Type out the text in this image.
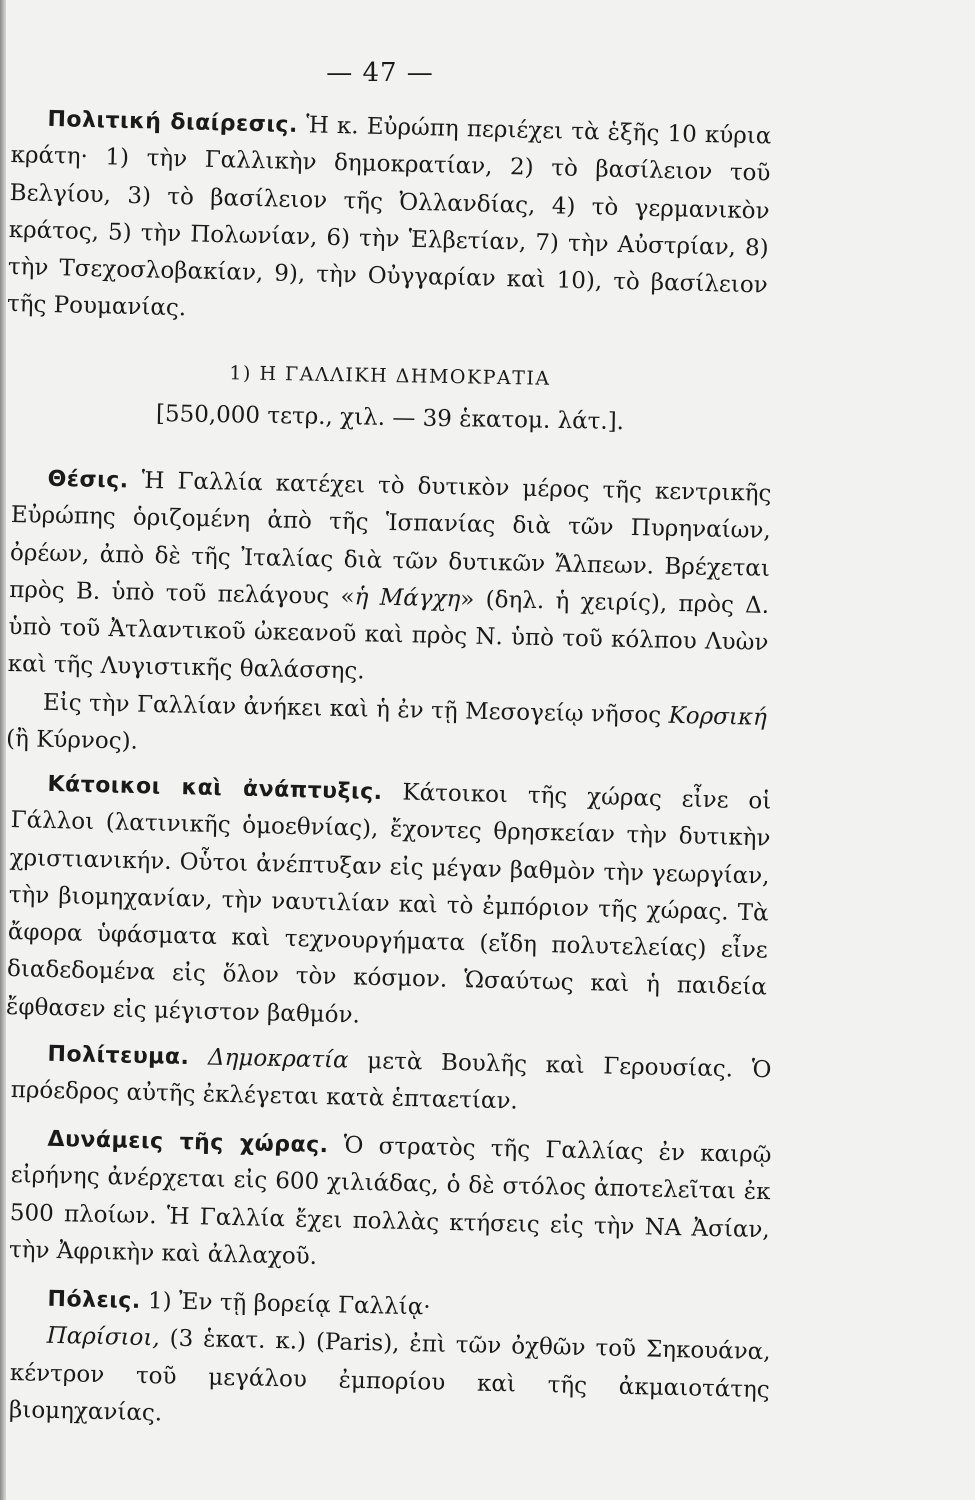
— 47 —

Πολιτική διαίρεσις. Ἡ κ. Εὐρώπη περιέχει τὰ ἑξῆς 10 κύρια κράτη· 1) τὴν Γαλλικὴν δημοκρατίαν, 2) τὸ βασίλειον τοῦ Βελγίου, 3) τὸ βασίλειον τῆς Ὀλλανδίας, 4) τὸ γερμανικὸν κράτος, 5) τὴν Πολωνίαν, 6) τὴν Ἑλβετίαν, 7) τὴν Αὐστρίαν, 8) τὴν Τσεχοσλοβακίαν, 9), τὴν Οὐγγαρίαν καὶ 10), τὸ βασίλειον τῆς Ρουμανίας.

1) Η ΓΑΛΛΙΚΗ ΔΗΜΟΚΡΑΤΙΑ
[550,000 τετρ., χιλ. — 39 ἑκατομ. λάτ.].

Θέσις. Ἡ Γαλλία κατέχει τὸ δυτικὸν μέρος τῆς κεντρικῆς Εὐρώπης ὁριζομένη ἀπὸ τῆς Ἱσπανίας διὰ τῶν Πυρηναίων, ὀρέων, ἀπὸ δὲ τῆς Ἰταλίας διὰ τῶν δυτικῶν Ἄλπεων. Βρέχεται πρὸς Β. ὑπὸ τοῦ πελάγους «ἡ Μάγχη» (δηλ. ἡ χειρίς), πρὸς Δ. ὑπὸ τοῦ Ἀτλαντικοῦ ὠκεανοῦ καὶ πρὸς Ν. ὑπὸ τοῦ κόλπου Λυὼν καὶ τῆς Λυγιστικῆς θαλάσσης.

Εἰς τὴν Γαλλίαν ἀνήκει καὶ ἡ ἐν τῇ Μεσογείῳ νῆσος Κορσική (ἢ Κύρνος).

Κάτοικοι καὶ ἀνάπτυξις. Κάτοικοι τῆς χώρας εἶνε οἱ Γάλλοι (λατινικῆς ὁμοεθνίας), ἔχοντες θρησκείαν τὴν δυτικὴν χριστιανικήν. Οὗτοι ἀνέπτυξαν εἰς μέγαν βαθμὸν τὴν γεωργίαν, τὴν βιομηχανίαν, τὴν ναυτιλίαν καὶ τὸ ἐμπόριον τῆς χώρας. Τὰ ἄφορα ὑφάσματα καὶ τεχνουργήματα (εἴδη πολυτελείας) εἶνε διαδεδομένα εἰς ὅλον τὸν κόσμον. Ὡσαύτως καὶ ἡ παιδεία ἔφθασεν εἰς μέγιστον βαθμόν.

Πολίτευμα. Δημοκρατία μετὰ Βουλῆς καὶ Γερουσίας. Ὁ πρόεδρος αὐτῆς ἐκλέγεται κατὰ ἑπταετίαν.

Δυνάμεις τῆς χώρας. Ὁ στρατὸς τῆς Γαλλίας ἐν καιρῷ εἰρήνης ἀνέρχεται εἰς 600 χιλιάδας, ὁ δὲ στόλος ἀποτελεῖται ἐκ 500 πλοίων. Ἡ Γαλλία ἔχει πολλὰς κτήσεις εἰς τὴν ΝΑ Ἀσίαν, τὴν Ἀφρικὴν καὶ ἀλλαχοῦ.

Πόλεις. 1) Ἐν τῇ βορείᾳ Γαλλίᾳ·

Παρίσιοι, (3 ἑκατ. κ.) (Paris), ἐπὶ τῶν ὀχθῶν τοῦ Σηκουάνα, κέντρον τοῦ μεγάλου ἐμπορίου καὶ τῆς ἀκμαιοτάτης βιομηχανίας.
